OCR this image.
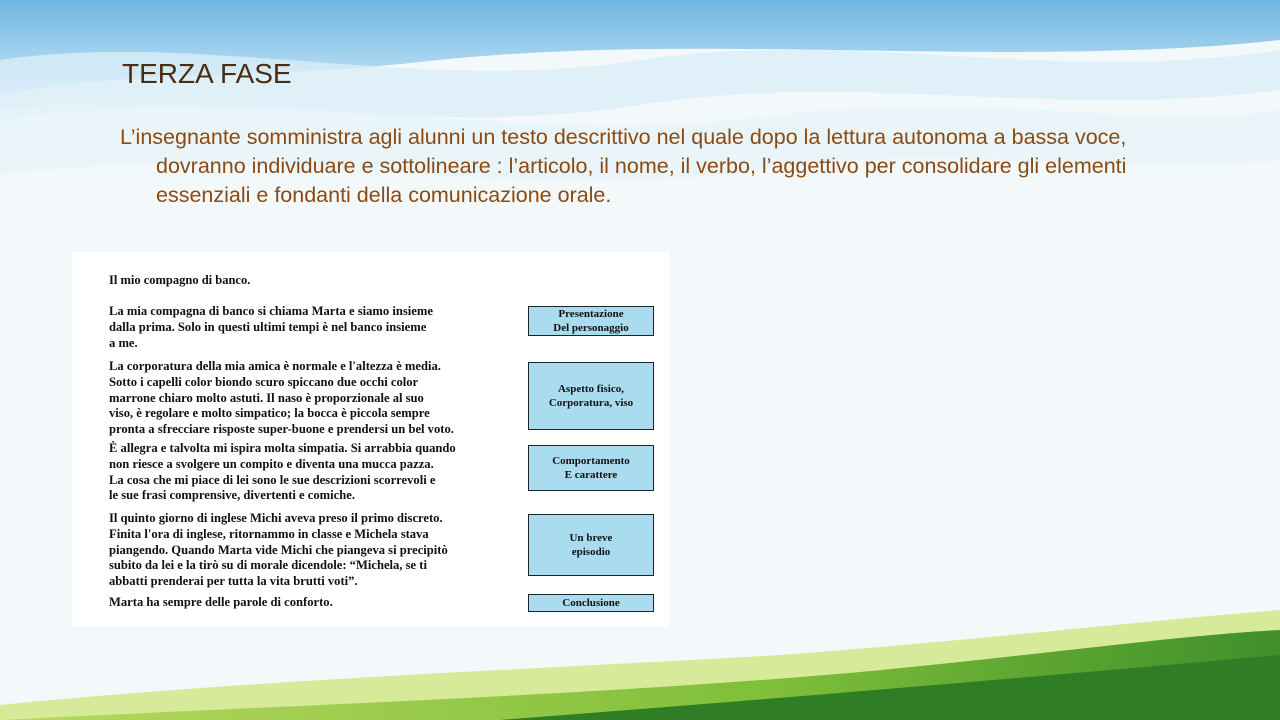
TERZA FASE

L’insegnante somministra agli alunni un testo descrittivo nel quale dopo la lettura autonoma a bassa voce, dovranno individuare e sottolineare : l’articolo, il nome, il verbo, l’aggettivo per consolidare gli elementi essenziali e fondanti della comunicazione orale.

Il mio compagno di banco.
La mia compagna di banco si chiama Marta e siamo insieme
dalla prima. Solo in questi ultimi tempi è nel banco insieme
a me.
Presentazione
Del personaggio
La corporatura della mia amica è normale e l'altezza è media.
Sotto i capelli color biondo scuro spiccano due occhi color
marrone chiaro molto astuti. Il naso è proporzionale al suo
viso, è regolare e molto simpatico; la bocca è piccola sempre
pronta a sfrecciare risposte super-buone e prendersi un bel voto.
Aspetto fisico,
Corporatura, viso
È allegra e talvolta mi ispira molta simpatia. Si arrabbia quando
non riesce a svolgere un compito e diventa una mucca pazza.
La cosa che mi piace di lei sono le sue descrizioni scorrevoli e
le sue frasi comprensive, divertenti e comiche.
Comportamento
E carattere
Il quinto giorno di inglese Michi aveva preso il primo discreto.
Finita l'ora di inglese, ritornammo in classe e Michela stava
piangendo. Quando Marta vide Michi che piangeva si precipitò
subito da lei e la tirò su di morale dicendole: “Michela, se ti
abbatti prenderai per tutta la vita brutti voti”.
Un breve
episodio
Marta ha sempre delle parole di conforto.	Conclusione
